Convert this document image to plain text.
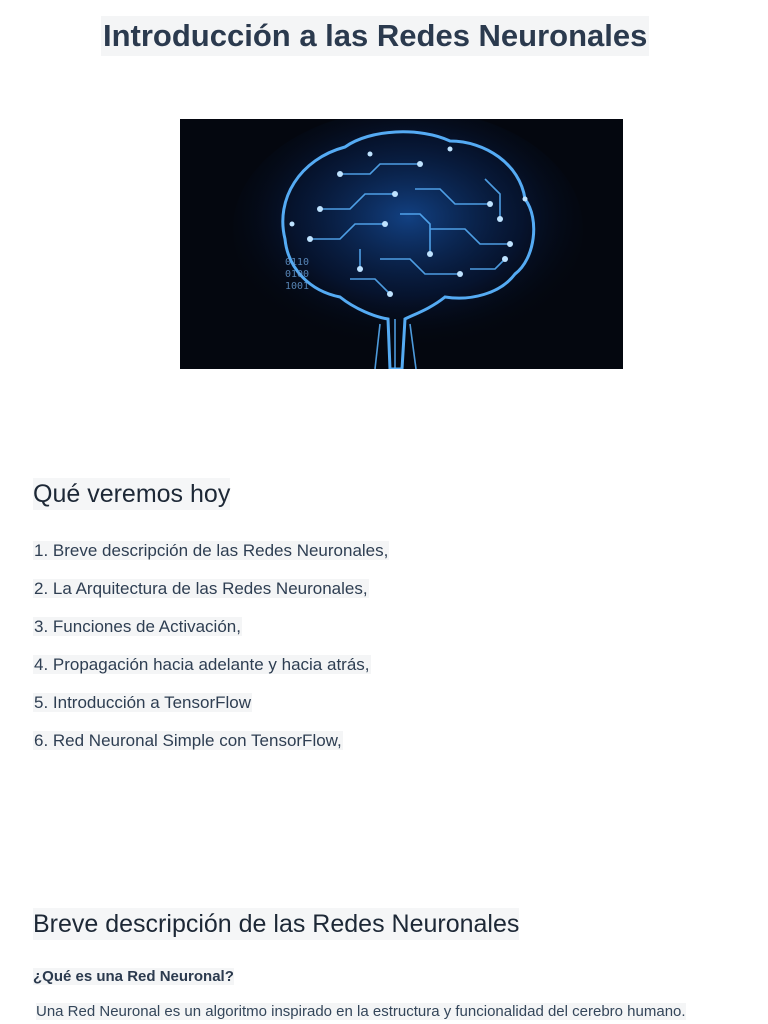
Introducción a las Redes Neuronales
0110
0100
1001
Qué veremos hoy
1. Breve descripción de las Redes Neuronales,
2. La Arquitectura de las Redes Neuronales,
3. Funciones de Activación,
4. Propagación hacia adelante y hacia atrás,
5. Introducción a TensorFlow
6. Red Neuronal Simple con TensorFlow,
Breve descripción de las Redes Neuronales

¿Qué es una Red Neuronal?

Una Red Neuronal es un algoritmo inspirado en la estructura y funcionalidad del cerebro humano.
